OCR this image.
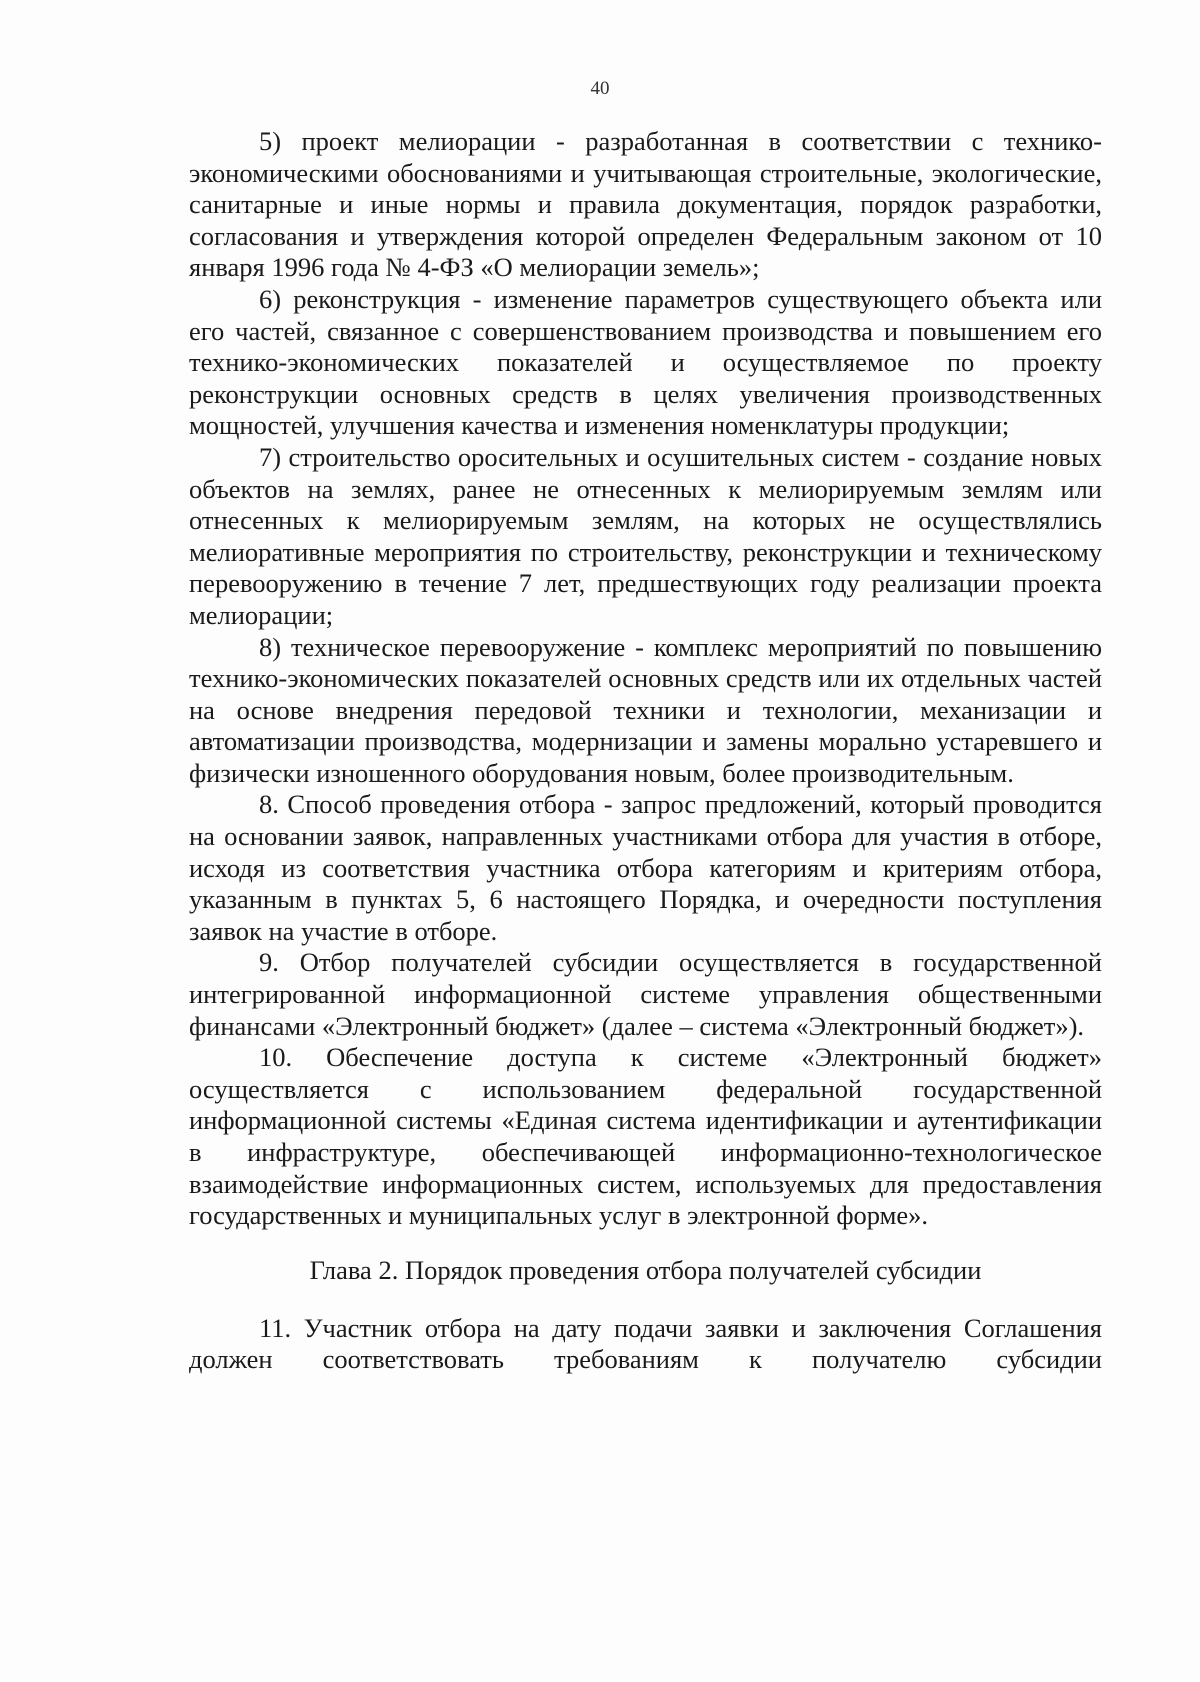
40

5) проект мелиорации - разработанная в соответствии с технико-экономическими обоснованиями и учитывающая строительные, экологические, санитарные и иные нормы и правила документация, порядок разработки, согласования и утверждения которой определен Федеральным законом от 10 января 1996 года № 4-ФЗ «О мелиорации земель»;

6) реконструкция - изменение параметров существующего объекта или его частей, связанное с совершенствованием производства и повышением его технико-экономических показателей и осуществляемое по проекту реконструкции основных средств в целях увеличения производственных мощностей, улучшения качества и изменения номенклатуры продукции;

7) строительство оросительных и осушительных систем - создание новых объектов на землях, ранее не отнесенных к мелиорируемым землям или отнесенных к мелиорируемым землям, на которых не осуществлялись мелиоративные мероприятия по строительству, реконструкции и техническому перевооружению в течение 7 лет, предшествующих году реализации проекта мелиорации;

8) техническое перевооружение - комплекс мероприятий по повышению технико-экономических показателей основных средств или их отдельных частей на основе внедрения передовой техники и технологии, механизации и автоматизации производства, модернизации и замены морально устаревшего и физически изношенного оборудования новым, более производительным.

8. Способ проведения отбора - запрос предложений, который проводится на основании заявок, направленных участниками отбора для участия в отборе, исходя из соответствия участника отбора категориям и критериям отбора, указанным в пунктах 5, 6 настоящего Порядка, и очередности поступления заявок на участие в отборе.

9. Отбор получателей субсидии осуществляется в государственной интегрированной информационной системе управления общественными финансами «Электронный бюджет» (далее – система «Электронный бюджет»).

10. Обеспечение доступа к системе «Электронный бюджет» осуществляется с использованием федеральной государственной информационной системы «Единая система идентификации и аутентификации в инфраструктуре, обеспечивающей информационно-технологическое взаимодействие информационных систем, используемых для предоставления государственных и муниципальных услуг в электронной форме».

Глава 2. Порядок проведения отбора получателей субсидии

11. Участник отбора на дату подачи заявки и заключения Соглашения должен соответствовать требованиям к получателю субсидии
